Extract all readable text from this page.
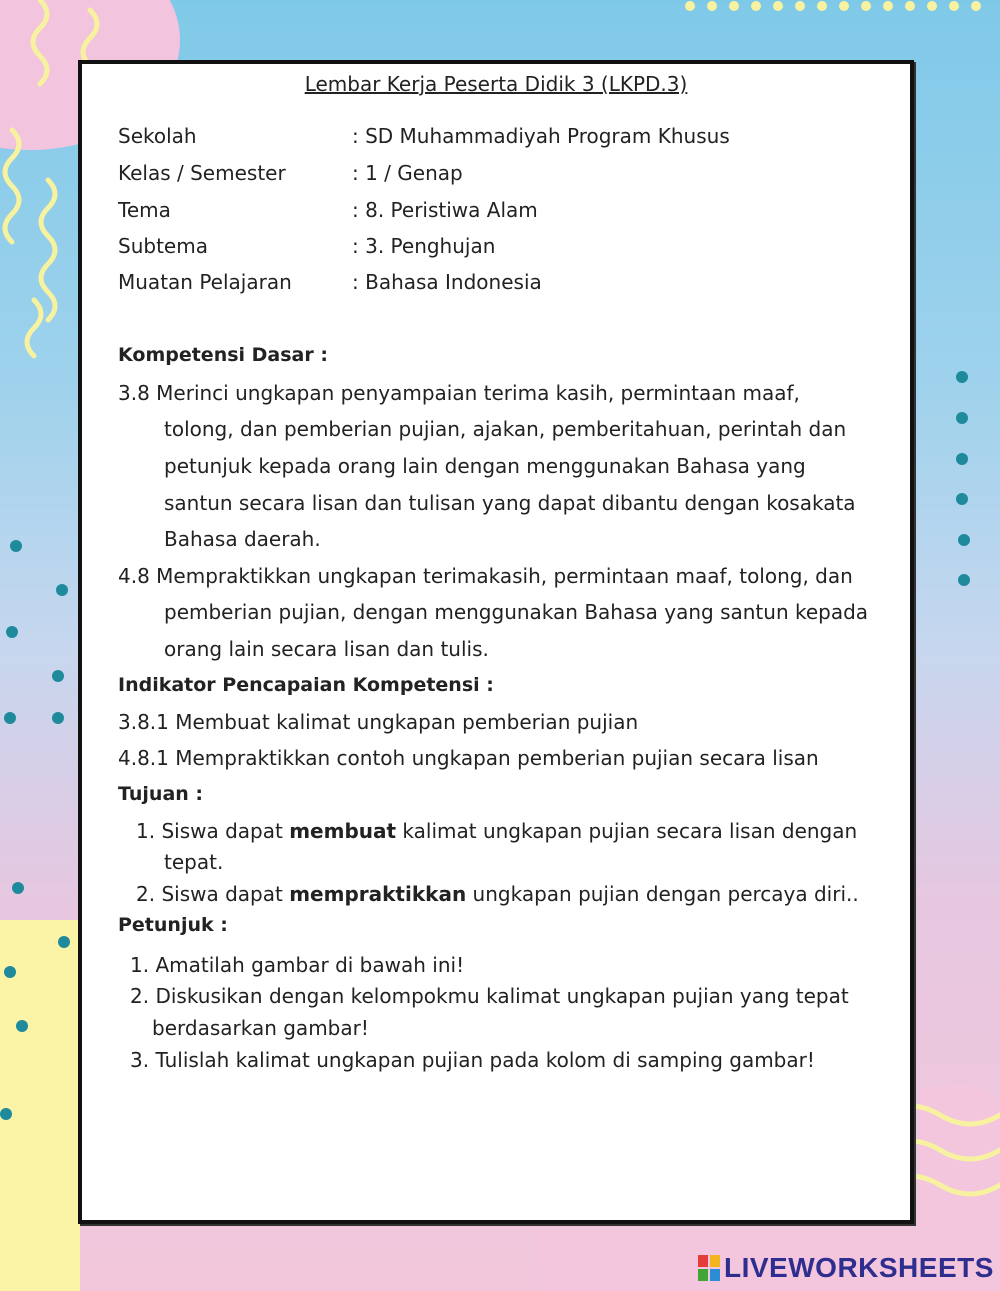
Lembar Kerja Peserta Didik 3 (LKPD.3)
Sekolah	: SD Muhammadiyah Program Khusus
Kelas / Semester	: 1 / Genap
Tema	: 8. Peristiwa Alam
Subtema	: 3. Penghujan
Muatan Pelajaran	: Bahasa Indonesia
Kompetensi Dasar :
3.8 Merinci ungkapan penyampaian terima kasih, permintaan maaf,
tolong, dan pemberian pujian, ajakan, pemberitahuan, perintah dan
petunjuk kepada orang lain dengan menggunakan Bahasa yang
santun secara lisan dan tulisan yang dapat dibantu dengan kosakata
Bahasa daerah.
4.8 Mempraktikkan ungkapan terimakasih, permintaan maaf, tolong, dan
pemberian pujian, dengan menggunakan Bahasa yang santun kepada
orang lain secara lisan dan tulis.
Indikator Pencapaian Kompetensi :
3.8.1 Membuat kalimat ungkapan pemberian pujian
4.8.1 Mempraktikkan contoh ungkapan pemberian pujian secara lisan
Tujuan :
1. Siswa dapat membuat kalimat ungkapan pujian secara lisan dengan
tepat.
2. Siswa dapat mempraktikkan ungkapan pujian dengan percaya diri..
Petunjuk :
1. Amatilah gambar di bawah ini!
2. Diskusikan dengan kelompokmu kalimat ungkapan pujian yang tepat
berdasarkan gambar!
3. Tulislah kalimat ungkapan pujian pada kolom di samping gambar!
LIVEWORKSHEETS
